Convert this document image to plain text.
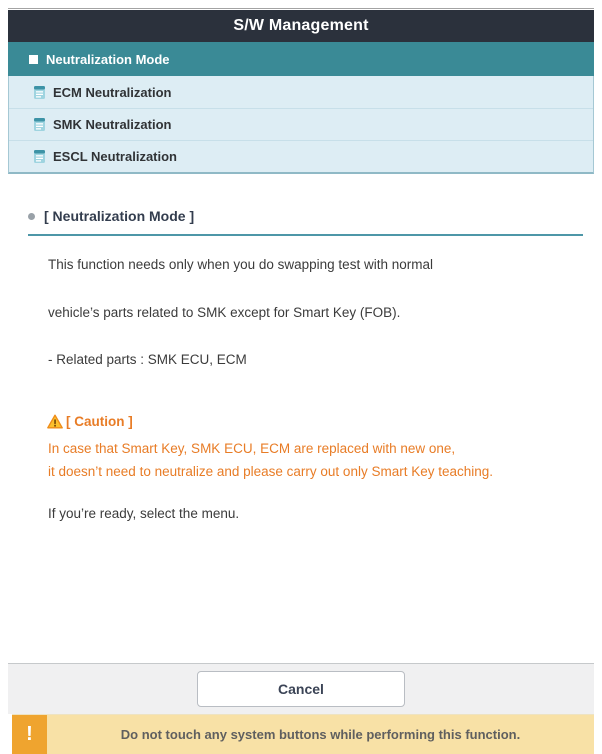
S/W Management
Neutralization Mode
ECM Neutralization
SMK Neutralization
ESCL Neutralization
[ Neutralization Mode ]
This function needs only when you do swapping test with normal
vehicle’s parts related to SMK except for Smart Key (FOB).
- Related parts : SMK ECU, ECM
[ Caution ]
In case that Smart Key, SMK ECU, ECM are replaced with new one,
it doesn’t need to neutralize and please carry out only Smart Key teaching.
If you’re ready, select the menu.
Cancel
!	Do not touch any system buttons while performing this function.
